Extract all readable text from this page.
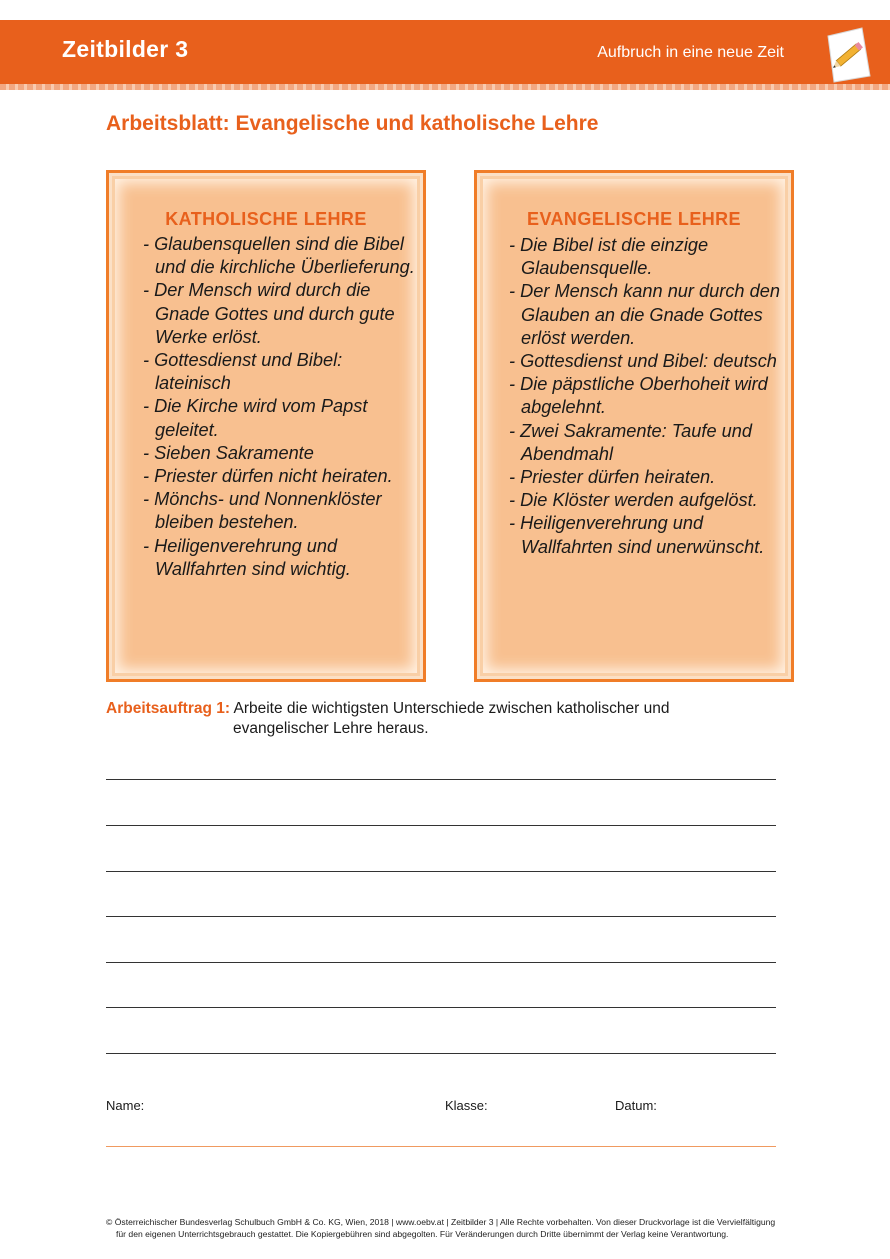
Zeitbilder 3	Aufbruch in eine neue Zeit
Arbeitsblatt: Evangelische und katholische Lehre
KATHOLISCHE LEHRE
- Glaubensquellen sind die Bibel und die kirchliche Überlieferung.
- Der Mensch wird durch die Gnade Gottes und durch gute Werke erlöst.
- Gottesdienst und Bibel: lateinisch
- Die Kirche wird vom Papst geleitet.
- Sieben Sakramente
- Priester dürfen nicht heiraten.
- Mönchs- und Nonnenklöster bleiben bestehen.
- Heiligenverehrung und Wallfahrten sind wichtig.
EVANGELISCHE LEHRE
- Die Bibel ist die einzige Glaubensquelle.
- Der Mensch kann nur durch den Glauben an die Gnade Gottes erlöst werden.
- Gottesdienst und Bibel: deutsch
- Die päpstliche Oberhoheit wird abgelehnt.
- Zwei Sakramente: Taufe und Abendmahl
- Priester dürfen heiraten.
- Die Klöster werden aufgelöst.
- Heiligenverehrung und Wallfahrten sind unerwünscht.
Arbeitsauftrag 1: Arbeite die wichtigsten Unterschiede zwischen katholischer und
evangelischer Lehre heraus.
Name:	Klasse:	Datum:
© Österreichischer Bundesverlag Schulbuch GmbH & Co. KG, Wien, 2018 | www.oebv.at | Zeitbilder 3 | Alle Rechte vorbehalten. Von dieser Druckvorlage ist die Vervielfältigung
für den eigenen Unterrichtsgebrauch gestattet. Die Kopiergebühren sind abgegolten. Für Veränderungen durch Dritte übernimmt der Verlag keine Verantwortung.
